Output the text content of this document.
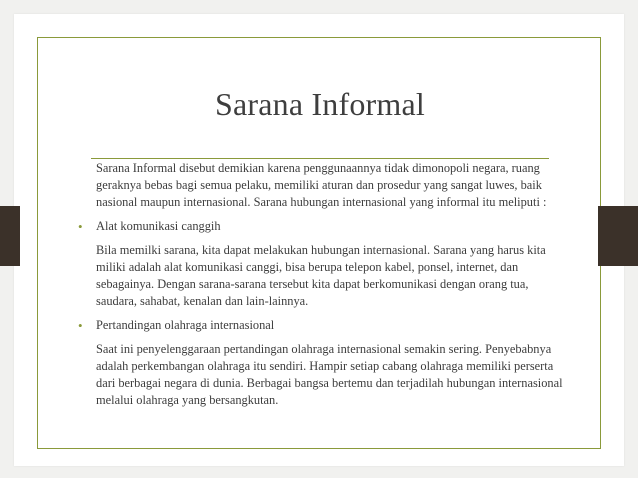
Sarana Informal

Sarana Informal disebut demikian karena penggunaannya tidak dimonopoli negara, ruang geraknya bebas bagi semua pelaku, memiliki aturan dan prosedur yang sangat luwes, baik nasional maupun internasional. Sarana hubungan internasional yang informal itu meliputi :

• Alat komunikasi canggih

Bila memilki sarana, kita dapat melakukan hubungan internasional. Sarana yang harus kita miliki adalah alat komunikasi canggi, bisa berupa telepon kabel, ponsel, internet, dan sebagainya. Dengan sarana-sarana tersebut kita dapat berkomunikasi dengan orang tua, saudara, sahabat, kenalan dan lain-lainnya.

• Pertandingan olahraga internasional

Saat ini penyelenggaraan pertandingan olahraga internasional semakin sering. Penyebabnya adalah perkembangan olahraga itu sendiri. Hampir setiap cabang olahraga memiliki perserta dari berbagai negara di dunia. Berbagai bangsa bertemu dan terjadilah hubungan internasional melalui olahraga yang bersangkutan.
